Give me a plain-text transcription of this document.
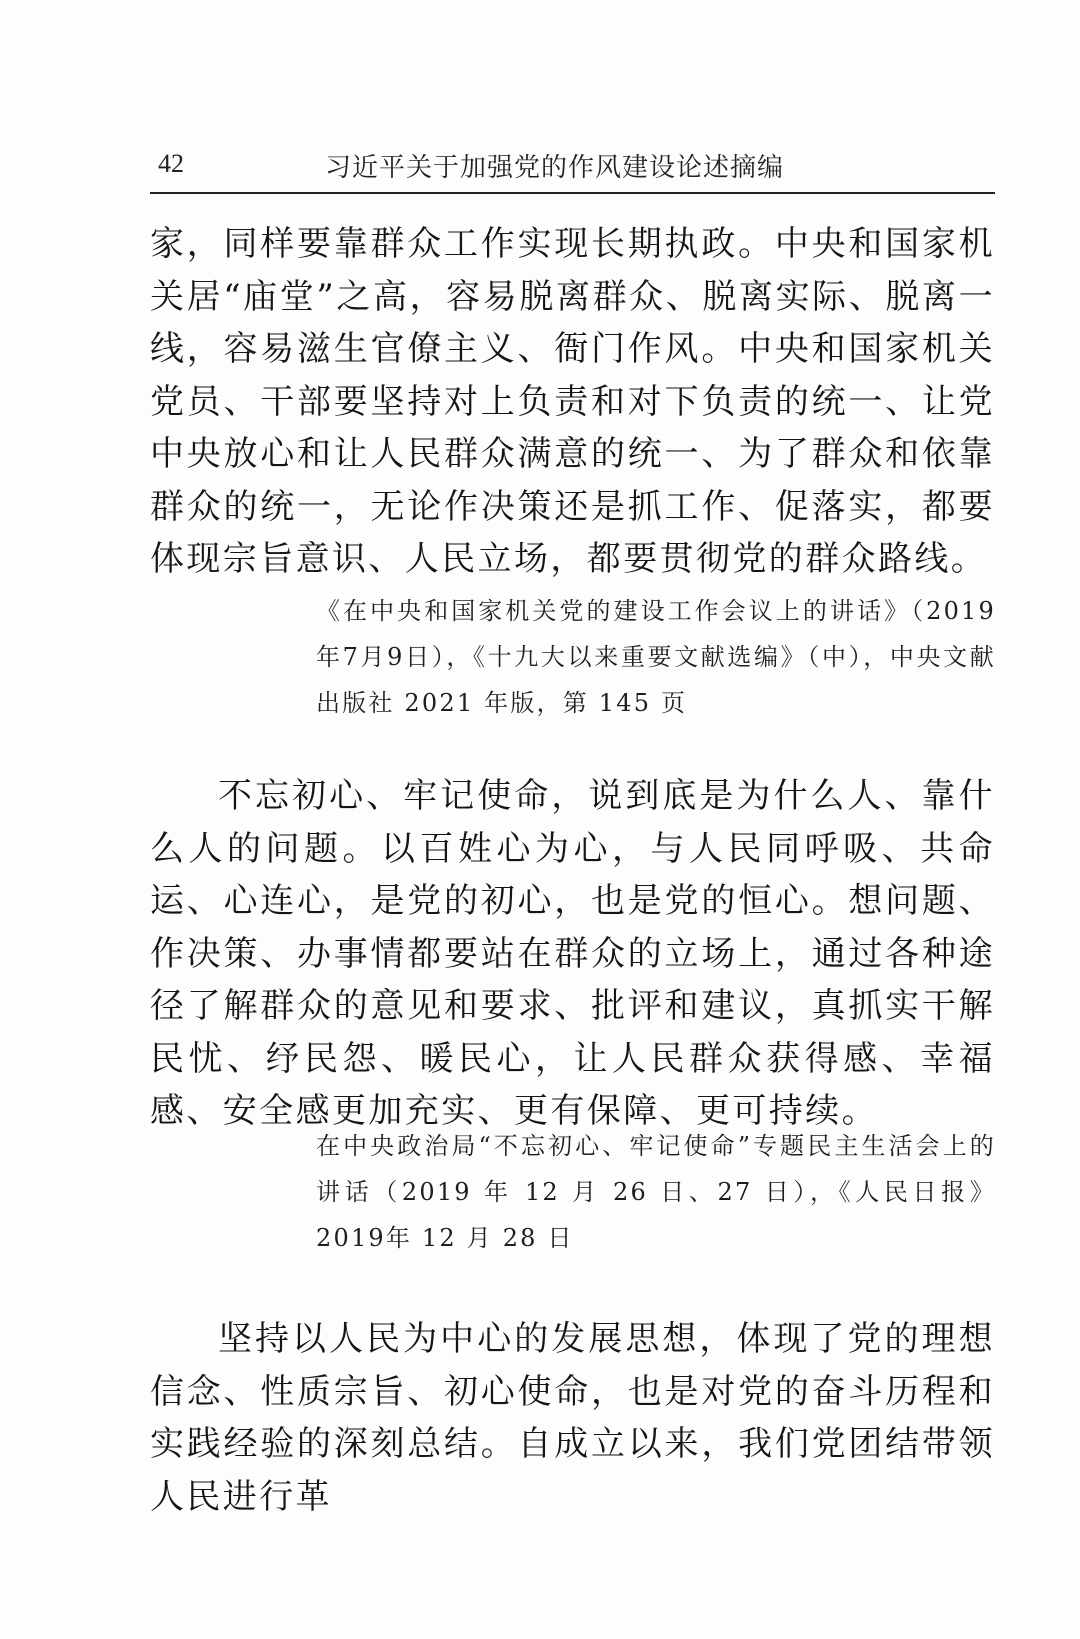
42	习近平关于加强党的作风建设论述摘编

家，同样要靠群众工作实现长期执政。中央和国家机关居“庙堂”之高，容易脱离群众、脱离实际、脱离一线，容易滋生官僚主义、衙门作风。中央和国家机关党员、干部要坚持对上负责和对下负责的统一、让党中央放心和让人民群众满意的统一、为了群众和依靠群众的统一，无论作决策还是抓工作、促落实，都要体现宗旨意识、人民立场，都要贯彻党的群众路线。

《在中央和国家机关党的建设工作会议上的讲话》（2019年7月9日），《十九大以来重要文献选编》（中），中央文献出版社 2021 年版，第 145 页

不忘初心、牢记使命，说到底是为什么人、靠什么人的问题。以百姓心为心，与人民同呼吸、共命运、心连心，是党的初心，也是党的恒心。想问题、作决策、办事情都要站在群众的立场上，通过各种途径了解群众的意见和要求、批评和建议，真抓实干解民忧、纾民怨、暖民心，让人民群众获得感、幸福感、安全感更加充实、更有保障、更可持续。

在中央政治局“不忘初心、牢记使命”专题民主生活会上的讲话（2019 年 12 月 26 日、27 日），《人民日报》2019年 12 月 28 日

坚持以人民为中心的发展思想，体现了党的理想信念、性质宗旨、初心使命，也是对党的奋斗历程和实践经验的深刻总结。自成立以来，我们党团结带领人民进行革
